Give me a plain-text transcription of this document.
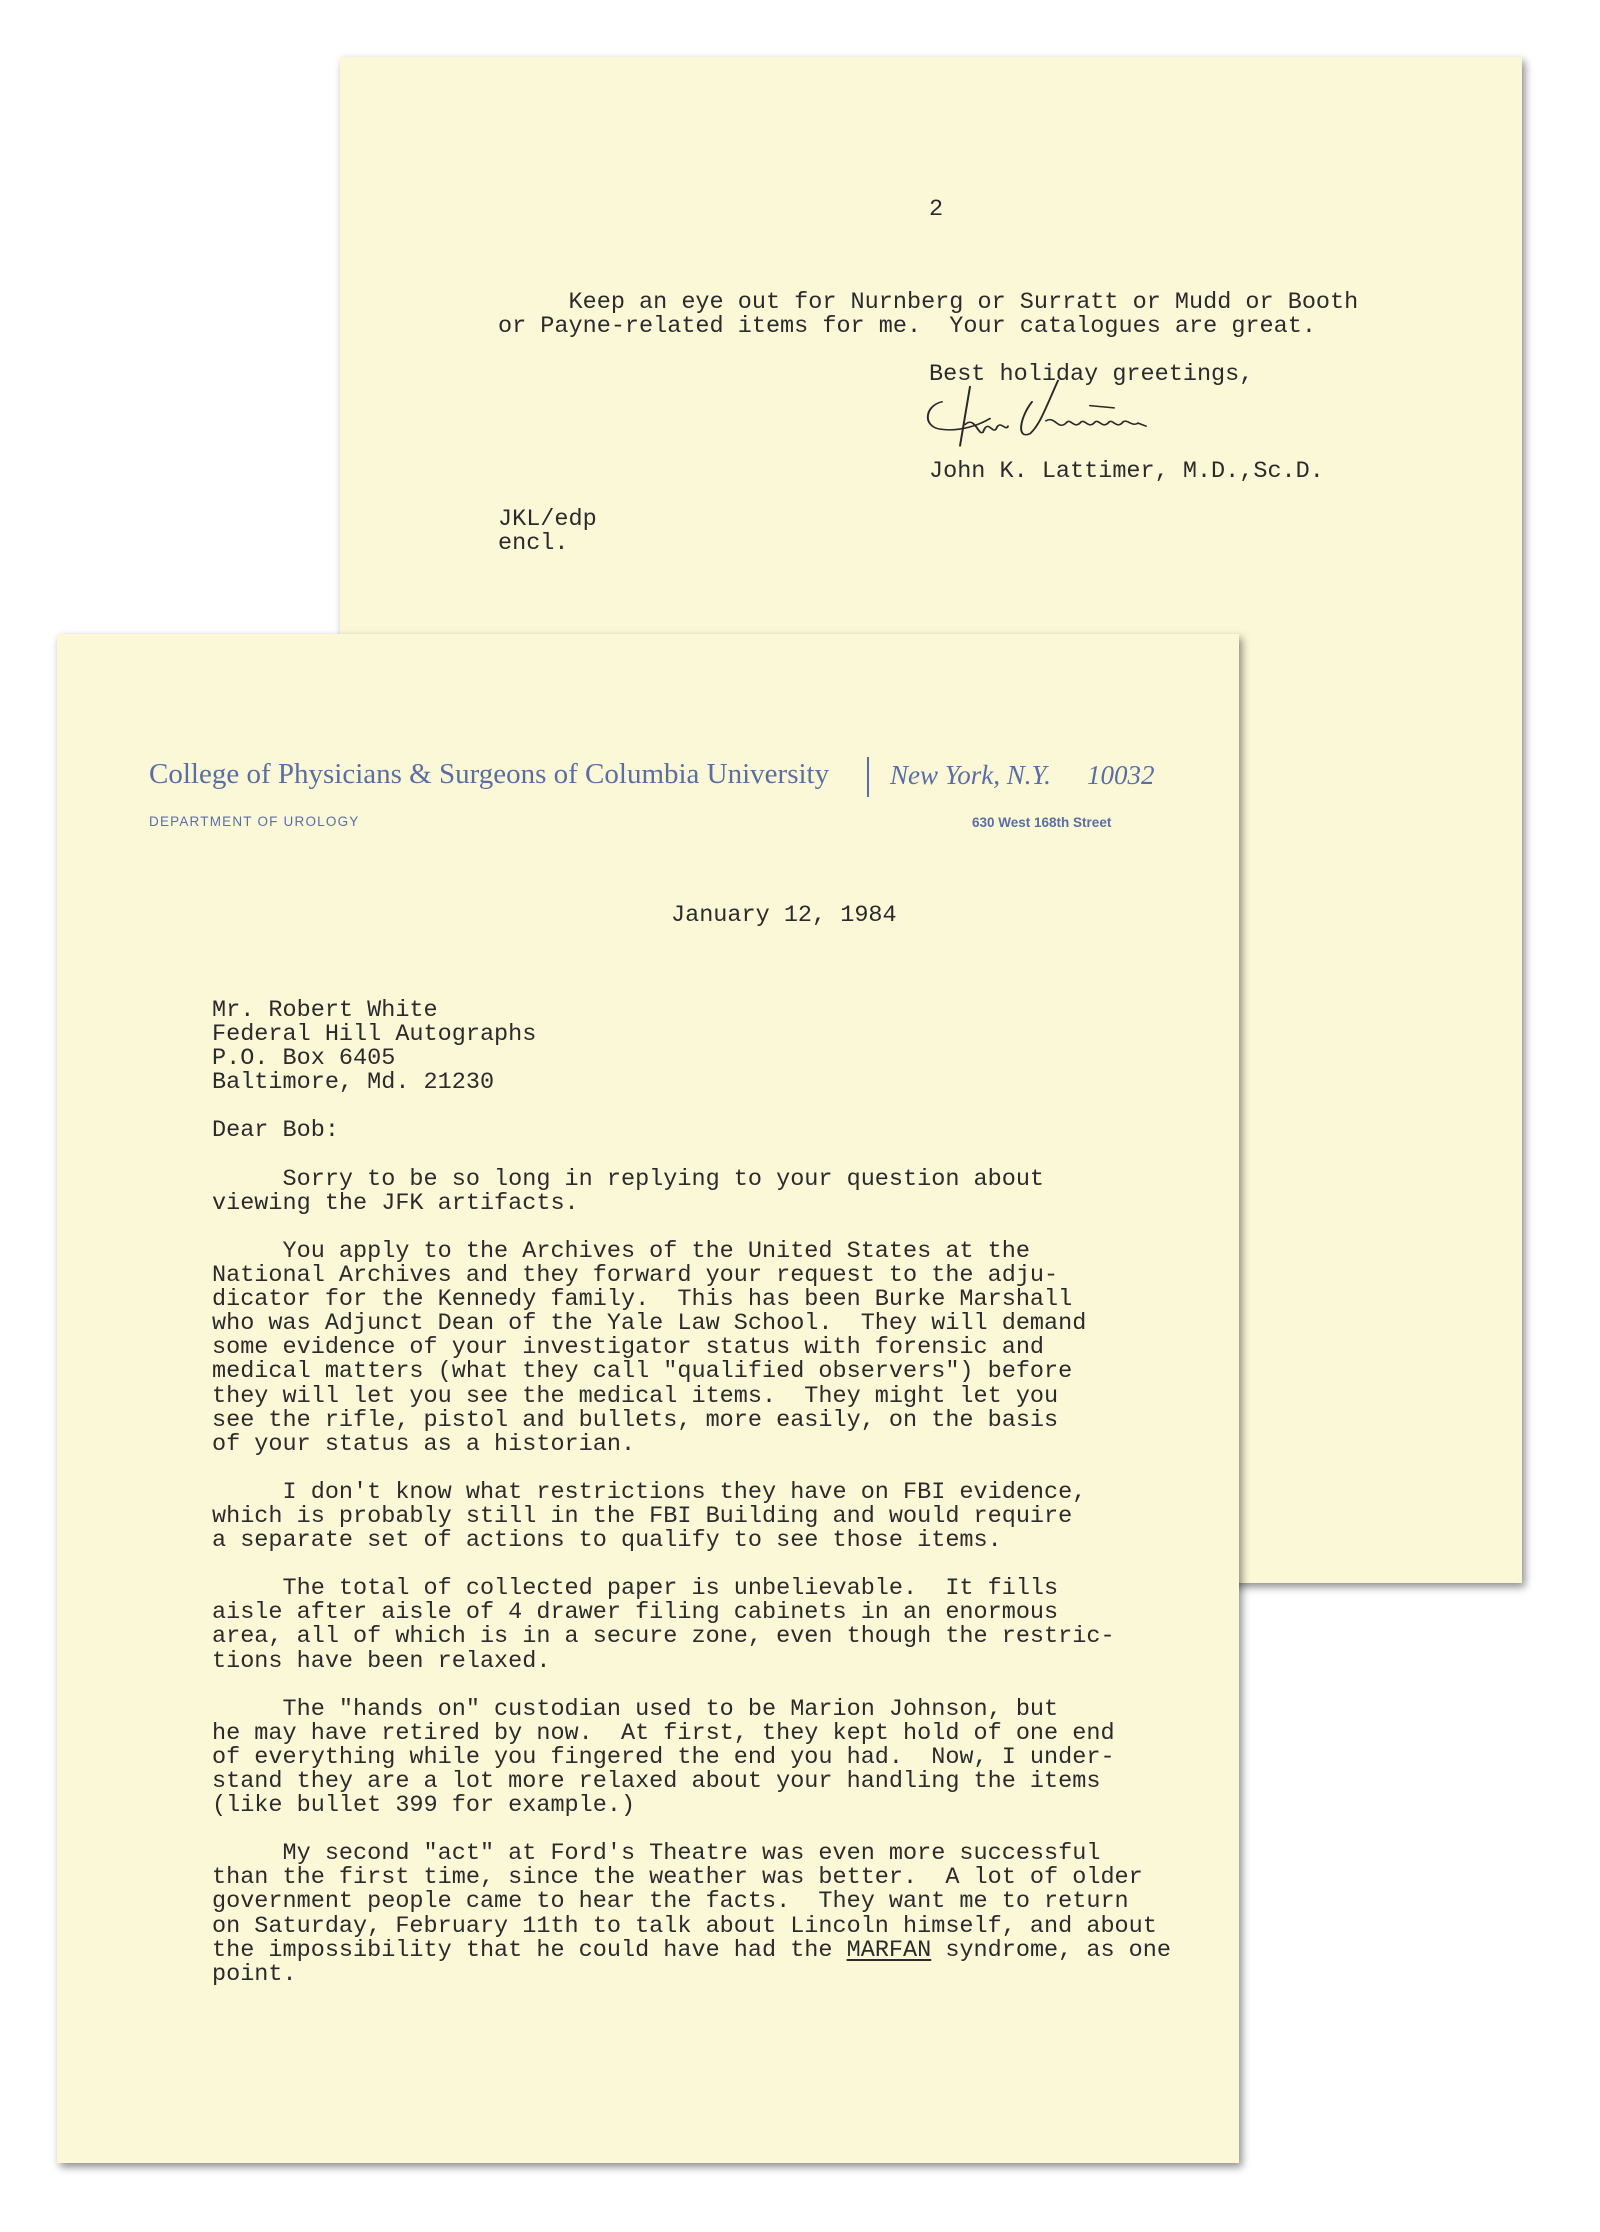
2
Keep an eye out for Nurnberg or Surratt or Mudd or Booth
or Payne-related items for me.  Your catalogues are great.
Best holiday greetings,
John K. Lattimer, M.D.,Sc.D.
JKL/edp
encl.
College of Physicians & Surgeons of Columbia University New York, N.Y. 10032
DEPARTMENT OF UROLOGY	630 West 168th Street
January 12, 1984
Mr. Robert White
Federal Hill Autographs
P.O. Box 6405
Baltimore, Md. 21230
Dear Bob:
Sorry to be so long in replying to your question about
viewing the JFK artifacts.
You apply to the Archives of the United States at the
National Archives and they forward your request to the adju-
dicator for the Kennedy family.  This has been Burke Marshall
who was Adjunct Dean of the Yale Law School.  They will demand
some evidence of your investigator status with forensic and
medical matters (what they call "qualified observers") before
they will let you see the medical items.  They might let you
see the rifle, pistol and bullets, more easily, on the basis
of your status as a historian.
I don't know what restrictions they have on FBI evidence,
which is probably still in the FBI Building and would require
a separate set of actions to qualify to see those items.
The total of collected paper is unbelievable.  It fills
aisle after aisle of 4 drawer filing cabinets in an enormous
area, all of which is in a secure zone, even though the restric-
tions have been relaxed.
The "hands on" custodian used to be Marion Johnson, but
he may have retired by now.  At first, they kept hold of one end
of everything while you fingered the end you had.  Now, I under-
stand they are a lot more relaxed about your handling the items
(like bullet 399 for example.)
My second "act" at Ford's Theatre was even more successful
than the first time, since the weather was better.  A lot of older
government people came to hear the facts.  They want me to return
on Saturday, February 11th to talk about Lincoln himself, and about
the impossibility that he could have had the MARFAN syndrome, as one
point.
